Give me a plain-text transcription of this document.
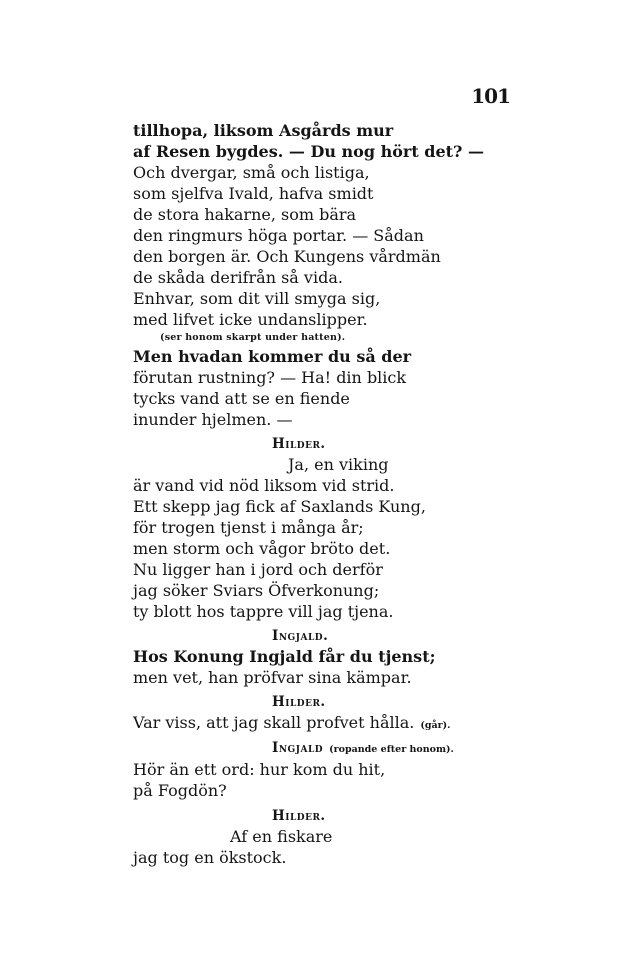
101
tillhopa, liksom Asgårds mur
af Resen bygdes. — Du nog hört det? —
Och dvergar, små och listiga,
som sjelfva Ivald, hafva smidt
de stora hakarne, som bära
den ringmurs höga portar. — Sådan
den borgen är. Och Kungens vårdmän
de skåda derifrån så vida.
Enhvar, som dit vill smyga sig,
med lifvet icke undanslipper.
(ser honom skarpt under hatten).
Men hvadan kommer du så der
förutan rustning? — Ha! din blick
tycks vand att se en fiende
inunder hjelmen. —
Hilder.
Ja, en viking
är vand vid nöd liksom vid strid.
Ett skepp jag fick af Saxlands Kung,
för trogen tjenst i många år;
men storm och vågor bröto det.
Nu ligger han i jord och derför
jag söker Sviars Öfverkonung;
ty blott hos tappre vill jag tjena.
Ingjald.
Hos Konung Ingjald får du tjenst;
men vet, han pröfvar sina kämpar.
Hilder.
Var viss, att jag skall profvet hålla. (går).
Ingjald (ropande efter honom).
Hör än ett ord: hur kom du hit,
på Fogdön?
Hilder.
Af en fiskare
jag tog en ökstock.
